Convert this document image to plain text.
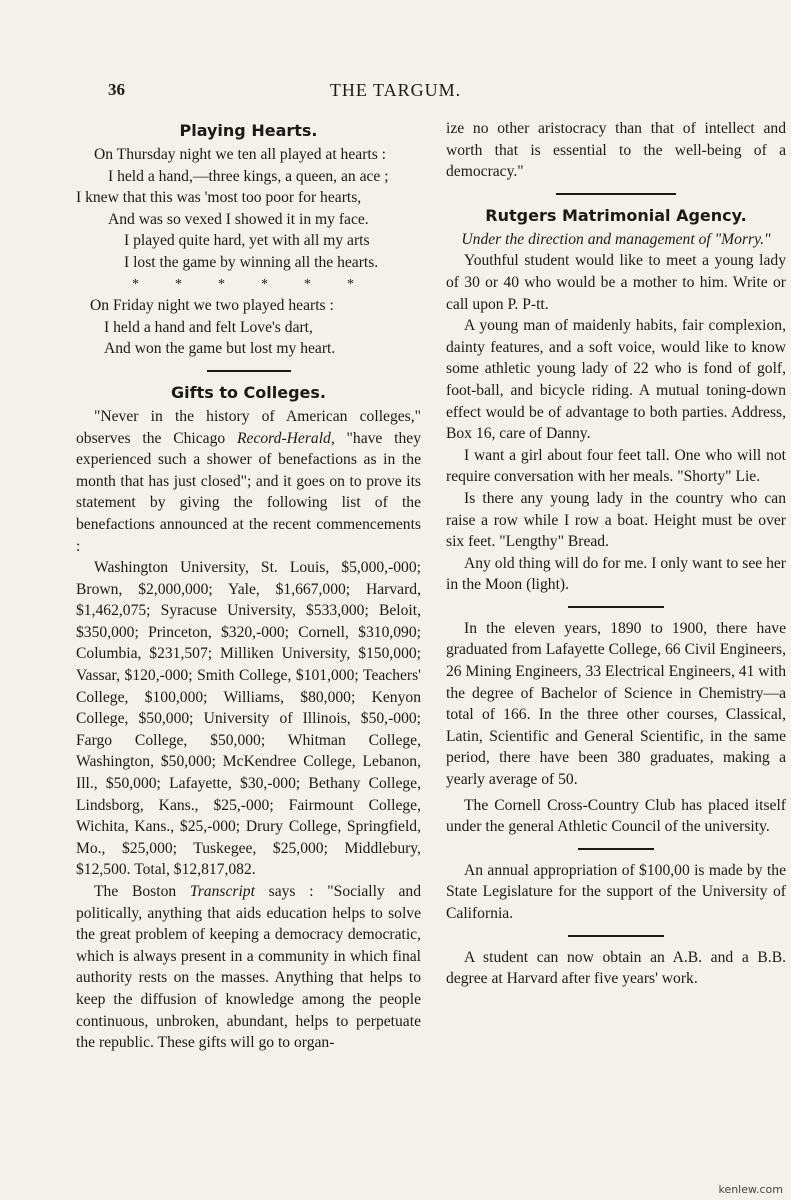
36	THE TARGUM.
Playing Hearts.
On Thursday night we ten all played at hearts :
I held a hand,—three kings, a queen, an ace ;
I knew that this was 'most too poor for hearts,
And was so vexed I showed it in my face.
I played quite hard, yet with all my arts
I lost the game by winning all the hearts.
******
On Friday night we two played hearts :
I held a hand and felt Love's dart,
And won the game but lost my heart.
Gifts to Colleges.

"Never in the history of American colleges," observes the Chicago Record-Herald, "have they experienced such a shower of benefactions as in the month that has just closed"; and it goes on to prove its statement by giving the following list of the benefactions announced at the recent commencements :

Washington University, St. Louis, $5,000,-000; Brown, $2,000,000; Yale, $1,667,000; Harvard, $1,462,075; Syracuse University, $533,000; Beloit, $350,000; Princeton, $320,-000; Cornell, $310,090; Columbia, $231,507; Milliken University, $150,000; Vassar, $120,-000; Smith College, $101,000; Teachers' College, $100,000; Williams, $80,000; Kenyon College, $50,000; University of Illinois, $50,-000; Fargo College, $50,000; Whitman College, Washington, $50,000; McKendree College, Lebanon, Ill., $50,000; Lafayette, $30,-000; Bethany College, Lindsborg, Kans., $25,-000; Fairmount College, Wichita, Kans., $25,-000; Drury College, Springfield, Mo., $25,000; Tuskegee, $25,000; Middlebury, $12,500. Total, $12,817,082.

The Boston Transcript says : "Socially and politically, anything that aids education helps to solve the great problem of keeping a democracy democratic, which is always present in a community in which final authority rests on the masses. Anything that helps to keep the diffusion of knowledge among the people continuous, unbroken, abundant, helps to perpetuate the republic. These gifts will go to organ-

ize no other aristocracy than that of intellect and worth that is essential to the well-being of a democracy."

Rutgers Matrimonial Agency.
Under the direction and management of "Morry."

Youthful student would like to meet a young lady of 30 or 40 who would be a mother to him. Write or call upon P. P-tt.

A young man of maidenly habits, fair complexion, dainty features, and a soft voice, would like to know some athletic young lady of 22 who is fond of golf, foot-ball, and bicycle riding. A mutual toning-down effect would be of advantage to both parties. Address, Box 16, care of Danny.

I want a girl about four feet tall. One who will not require conversation with her meals. "Shorty" Lie.

Is there any young lady in the country who can raise a row while I row a boat. Height must be over six feet. "Lengthy" Bread.

Any old thing will do for me. I only want to see her in the Moon (light).

In the eleven years, 1890 to 1900, there have graduated from Lafayette College, 66 Civil Engineers, 26 Mining Engineers, 33 Electrical Engineers, 41 with the degree of Bachelor of Science in Chemistry—a total of 166. In the three other courses, Classical, Latin, Scientific and General Scientific, in the same period, there have been 380 graduates, making a yearly average of 50.

The Cornell Cross-Country Club has placed itself under the general Athletic Council of the university.

An annual appropriation of $100,00 is made by the State Legislature for the support of the University of California.

A student can now obtain an A.B. and a B.B. degree at Harvard after five years' work.

kenlew.com
